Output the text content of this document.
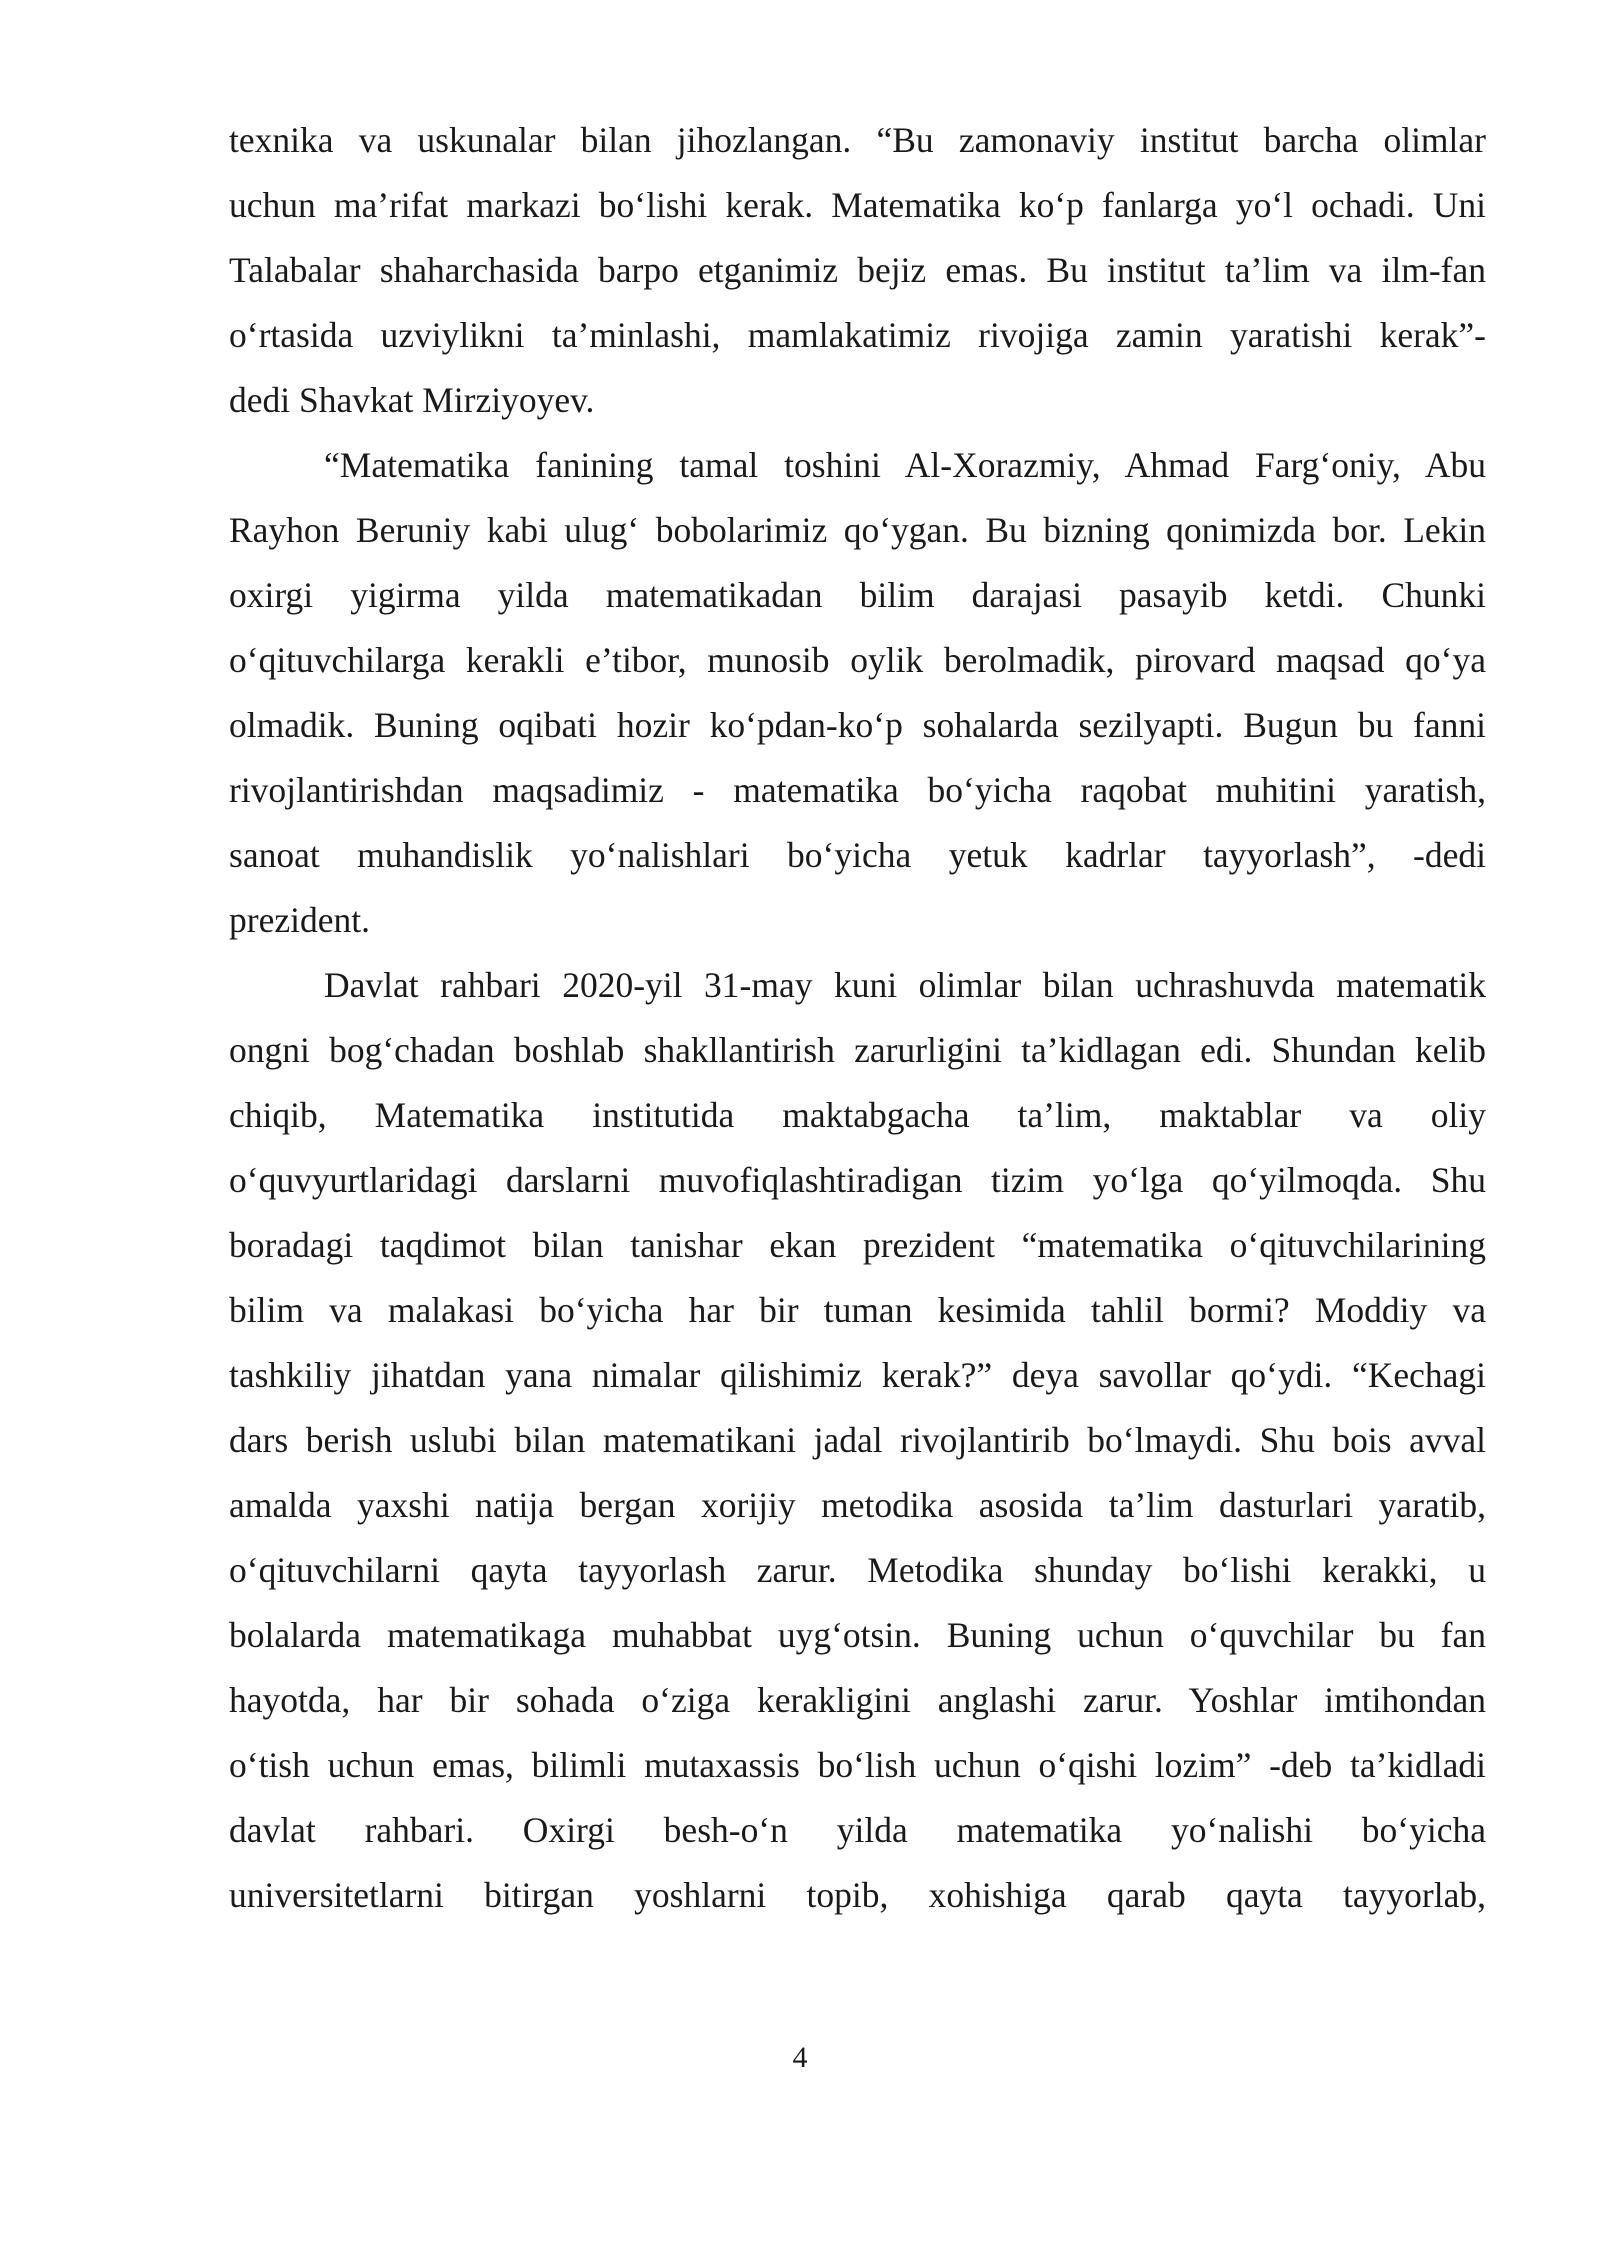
texnika va uskunalar bilan jihozlangan. “Bu zamonaviy institut barcha olimlar
uchun ma’rifat markazi bo‘lishi kerak. Matematika ko‘p fanlarga yo‘l ochadi. Uni
Talabalar shaharchasida barpo etganimiz bejiz emas. Bu institut ta’lim va ilm-fan
o‘rtasida uzviylikni ta’minlashi, mamlakatimiz rivojiga zamin yaratishi kerak”-
dedi Shavkat Mirziyoyev.
“Matematika fanining tamal toshini Al-Xorazmiy, Ahmad Farg‘oniy, Abu
Rayhon Beruniy kabi ulug‘ bobolarimiz qo‘ygan. Bu bizning qonimizda bor. Lekin
oxirgi yigirma yilda matematikadan bilim darajasi pasayib ketdi. Chunki
o‘qituvchilarga kerakli e’tibor, munosib oylik berolmadik, pirovard maqsad qo‘ya
olmadik. Buning oqibati hozir ko‘pdan-ko‘p sohalarda sezilyapti. Bugun bu fanni
rivojlantirishdan maqsadimiz - matematika bo‘yicha raqobat muhitini yaratish,
sanoat muhandislik yo‘nalishlari bo‘yicha yetuk kadrlar tayyorlash”, -dedi
prezident.
Davlat rahbari 2020-yil 31-may kuni olimlar bilan uchrashuvda matematik
ongni bog‘chadan boshlab shakllantirish zarurligini ta’kidlagan edi. Shundan kelib
chiqib, Matematika institutida maktabgacha ta’lim, maktablar va oliy
o‘quvyurtlaridagi darslarni muvofiqlashtiradigan tizim yo‘lga qo‘yilmoqda. Shu
boradagi taqdimot bilan tanishar ekan prezident “matematika o‘qituvchilarining
bilim va malakasi bo‘yicha har bir tuman kesimida tahlil bormi? Moddiy va
tashkiliy jihatdan yana nimalar qilishimiz kerak?” deya savollar qo‘ydi. “Kechagi
dars berish uslubi bilan matematikani jadal rivojlantirib bo‘lmaydi. Shu bois avval
amalda yaxshi natija bergan xorijiy metodika asosida ta’lim dasturlari yaratib,
o‘qituvchilarni qayta tayyorlash zarur. Metodika shunday bo‘lishi kerakki, u
bolalarda matematikaga muhabbat uyg‘otsin. Buning uchun o‘quvchilar bu fan
hayotda, har bir sohada o‘ziga kerakligini anglashi zarur. Yoshlar imtihondan
o‘tish uchun emas, bilimli mutaxassis bo‘lish uchun o‘qishi lozim” -deb ta’kidladi
davlat rahbari. Oxirgi besh-o‘n yilda matematika yo‘nalishi bo‘yicha
universitetlarni bitirgan yoshlarni topib, xohishiga qarab qayta tayyorlab,
4
